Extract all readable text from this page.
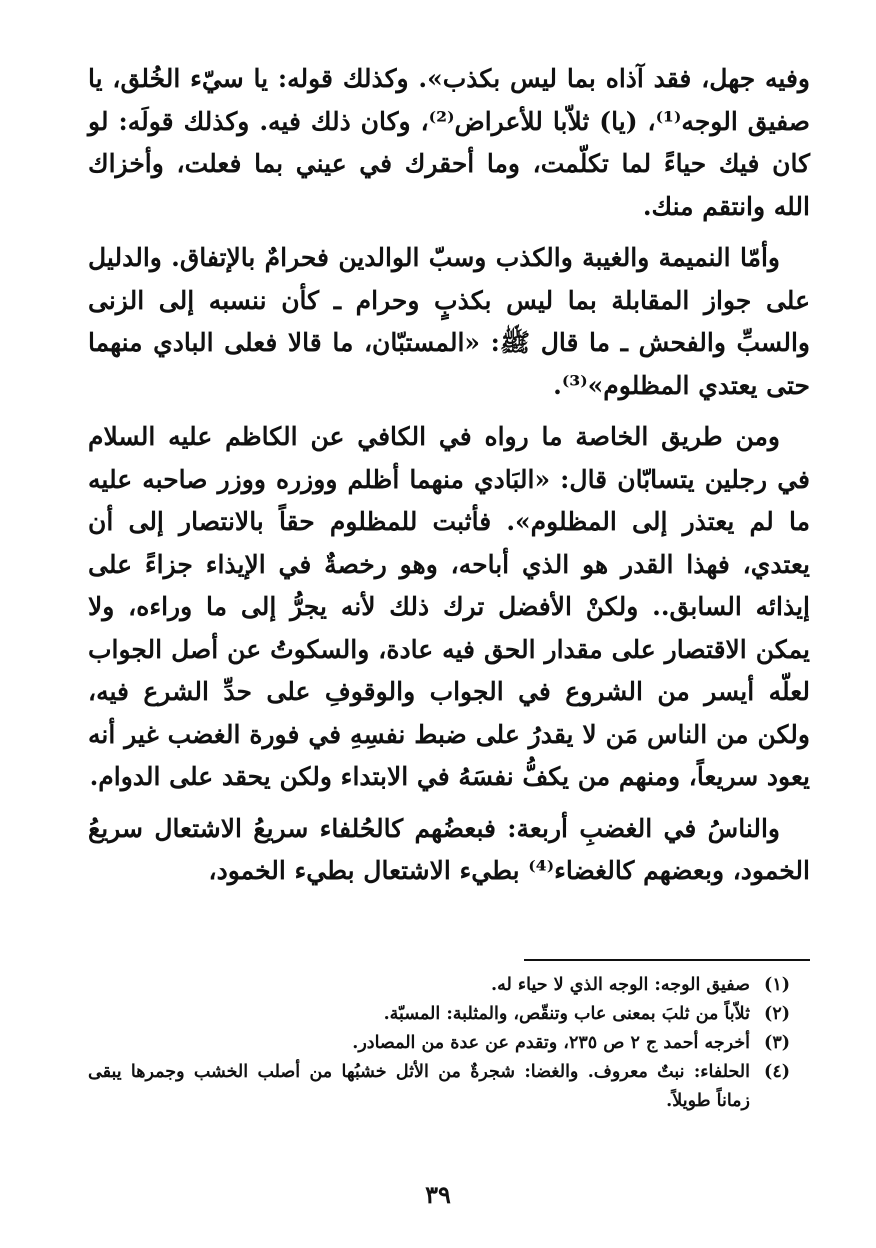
وفيه جهل، فقد آذاه بما ليس بكذب». وكذلك قوله: يا سيّء الخُلق، يا صفيق الوجه⁽¹⁾، (يا) ثلاّبا للأعراض⁽²⁾، وكان ذلك فيه. وكذلك قولَه: لو كان فيك حياءً لما تكلّمت، وما أحقرك في عيني بما فعلت، وأخزاك الله وانتقم منك.

وأمّا النميمة والغيبة والكذب وسبّ الوالدين فحرامٌ بالإتفاق. والدليل على جواز المقابلة بما ليس بكذبٍ وحرام ـ كأن ننسبه إلى الزنى والسبِّ والفحش ـ ما قال ﷺ: «المستبّان، ما قالا فعلى البادي منهما حتى يعتدي المظلوم»⁽³⁾.

ومن طريق الخاصة ما رواه في الكافي عن الكاظم عليه السلام في رجلين يتسابّان قال: «البَادي منهما أظلم ووزره ووزر صاحبه عليه ما لم يعتذر إلى المظلوم». فأثبت للمظلوم حقاً بالانتصار إلى أن يعتدي، فهذا القدر هو الذي أباحه، وهو رخصةٌ في الإيذاء جزاءً على إيذائه السابق.. ولكنْ الأفضل ترك ذلك لأنه يجرُّ إلى ما وراءه، ولا يمكن الاقتصار على مقدار الحق فيه عادة، والسكوتُ عن أصل الجواب لعلّه أيسر من الشروع في الجواب والوقوفِ على حدِّ الشرع فيه، ولكن من الناس مَن لا يقدرُ على ضبط نفسِهِ في فورة الغضب غير أنه يعود سريعاً، ومنهم من يكفُّ نفسَهُ في الابتداء ولكن يحقد على الدوام.

والناسُ في الغضبِ أربعة: فبعضُهم كالحُلفاء سريعُ الاشتعال سريعُ الخمود، وبعضهم كالغضاء⁽⁴⁾ بطيء الاشتعال بطيء الخمود،

(١)
صفيق الوجه: الوجه الذي لا حياء له.
(٢)
ثلاّباً من ثلبَ بمعنى عاب وتنقّص، والمثلبة: المسبّة.
(٣)
أخرجه أحمد ج ٢ ص ٢٣٥، وتقدم عن عدة من المصادر.
(٤)
الحلفاء: نبتٌ معروف. والغضا: شجرةٌ من الأثل خشبُها من أصلب الخشب وجمرها يبقى زماناً طويلاً.
٣٩
